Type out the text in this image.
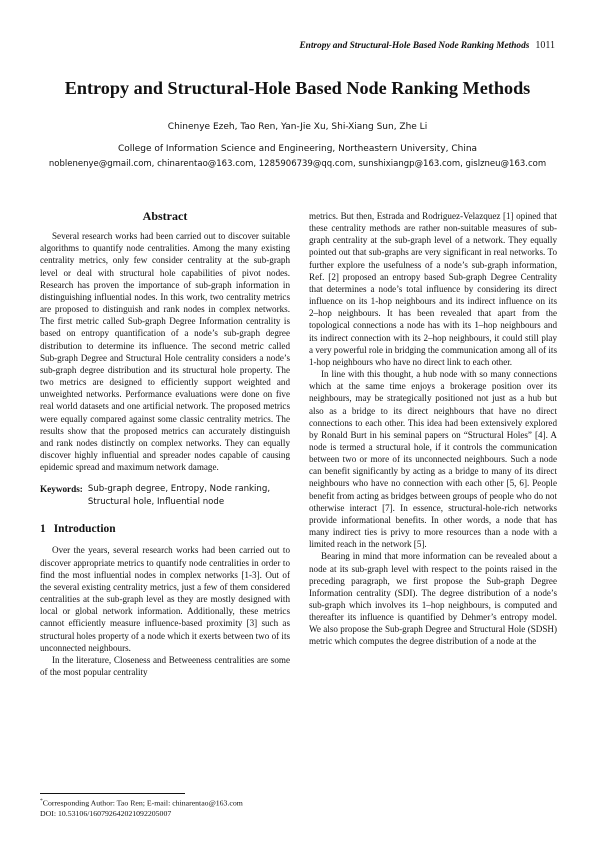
Entropy and Structural-Hole Based Node Ranking Methods 1011
Entropy and Structural-Hole Based Node Ranking Methods
Chinenye Ezeh, Tao Ren, Yan-Jie Xu, Shi-Xiang Sun, Zhe Li
College of Information Science and Engineering, Northeastern University, China
noblenenye@gmail.com, chinarentao@163.com, 1285906739@qq.com, sunshixiangp@163.com, gislzneu@163.com
Abstract

Several research works had been carried out to discover suitable algorithms to quantify node centralities. Among the many existing centrality metrics, only few consider centrality at the sub-graph level or deal with structural hole capabilities of pivot nodes. Research has proven the importance of sub-graph information in distinguishing influential nodes. In this work, two centrality metrics are proposed to distinguish and rank nodes in complex networks. The first metric called Sub-graph Degree Information centrality is based on entropy quantification of a node’s sub-graph degree distribution to determine its influence. The second metric called Sub-graph Degree and Structural Hole centrality considers a node’s sub-graph degree distribution and its structural hole property. The two metrics are designed to efficiently support weighted and unweighted networks. Performance evaluations were done on five real world datasets and one artificial network. The proposed metrics were equally compared against some classic centrality metrics. The results show that the proposed metrics can accurately distinguish and rank nodes distinctly on complex networks. They can equally discover highly influential and spreader nodes capable of causing epidemic spread and maximum network damage.

Keywords: Sub-graph degree, Entropy, Node ranking, Structural hole, Influential node
1 Introduction

Over the years, several research works had been carried out to discover appropriate metrics to quantify node centralities in order to find the most influential nodes in complex networks [1-3]. Out of the several existing centrality metrics, just a few of them considered centralities at the sub-graph level as they are mostly designed with local or global network information. Additionally, these metrics cannot efficiently measure influence-based proximity [3] such as structural holes property of a node which it exerts between two of its unconnected neighbours.

In the literature, Closeness and Betweeness centralities are some of the most popular centrality

metrics. But then, Estrada and Rodriguez-Velazquez [1] opined that these centrality methods are rather non-suitable measures of sub-graph centrality at the sub-graph level of a network. They equally pointed out that sub-graphs are very significant in real networks. To further explore the usefulness of a node’s sub-graph information, Ref. [2] proposed an entropy based Sub-graph Degree Centrality that determines a node’s total influence by considering its direct influence on its 1-hop neighbours and its indirect influence on its 2–hop neighbours. It has been revealed that apart from the topological connections a node has with its 1–hop neighbours and its indirect connection with its 2–hop neighbours, it could still play a very powerful role in bridging the communication among all of its 1-hop neighbours who have no direct link to each other.

In line with this thought, a hub node with so many connections which at the same time enjoys a brokerage position over its neighbours, may be strategically positioned not just as a hub but also as a bridge to its direct neighbours that have no direct connections to each other. This idea had been extensively explored by Ronald Burt in his seminal papers on “Structural Holes” [4]. A node is termed a structural hole, if it controls the communication between two or more of its unconnected neighbours. Such a node can benefit significantly by acting as a bridge to many of its direct neighbours who have no connection with each other [5, 6]. People benefit from acting as bridges between groups of people who do not otherwise interact [7]. In essence, structural-hole-rich networks provide informational benefits. In other words, a node that has many indirect ties is privy to more resources than a node with a limited reach in the network [5].

Bearing in mind that more information can be revealed about a node at its sub-graph level with respect to the points raised in the preceding paragraph, we first propose the Sub-graph Degree Information centrality (SDI). The degree distribution of a node’s sub-graph which involves its 1–hop neighbours, is computed and thereafter its influence is quantified by Dehmer’s entropy model. We also propose the Sub-graph Degree and Structural Hole (SDSH) metric which computes the degree distribution of a node at the

*Corresponding Author: Tao Ren; E-mail: chinarentao@163.com
DOI: 10.53106/160792642021092205007
